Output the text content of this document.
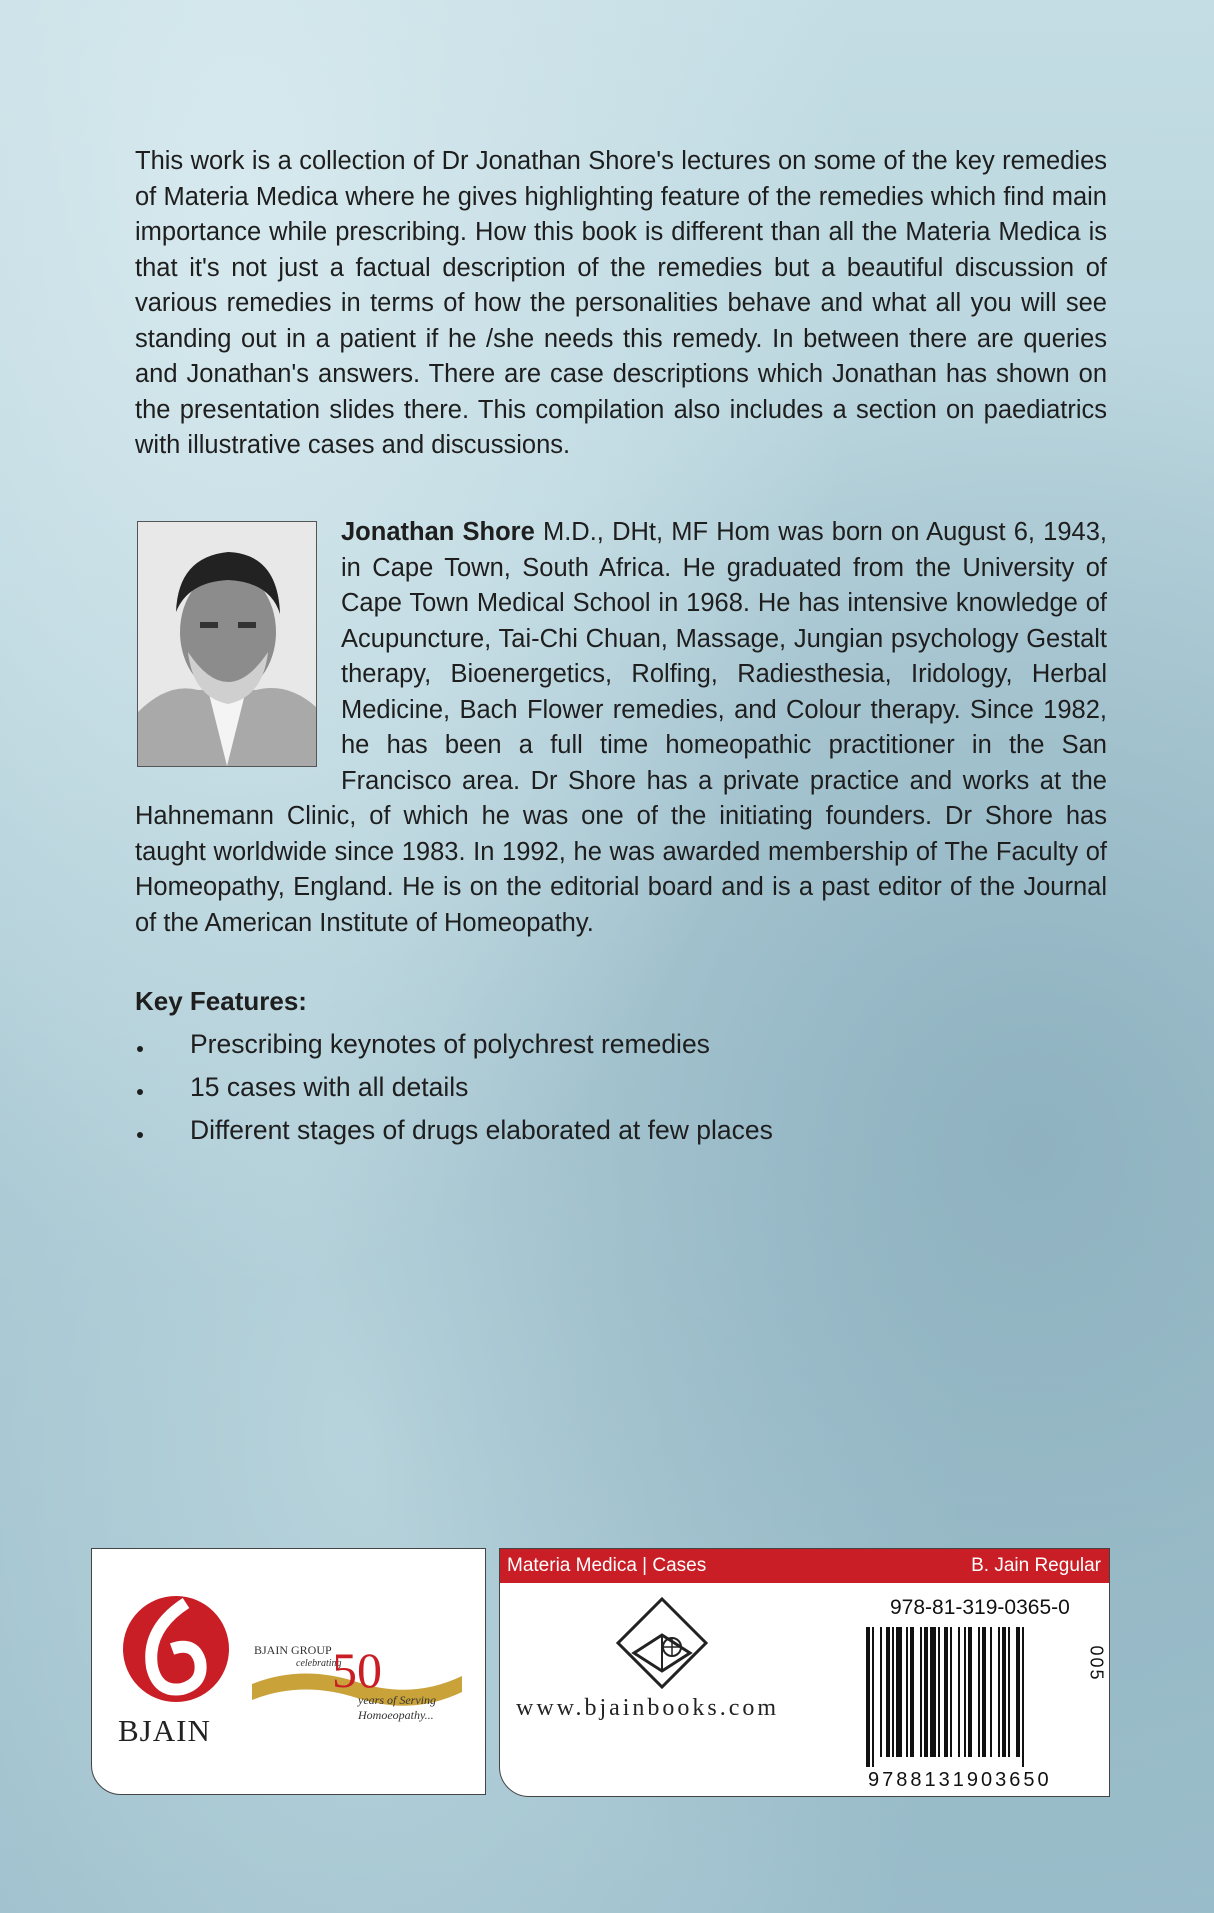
This work is a collection of Dr Jonathan Shore's lectures on some of the key remedies of Materia Medica where he gives highlighting feature of the remedies which find main importance while prescribing. How this book is different than all the Materia Medica is that it's not just a factual description of the remedies but a beautiful discussion of various remedies in terms of how the personalities behave and what all you will see standing out in a patient if he /she needs this remedy. In between there are queries and Jonathan's answers. There are case descriptions which Jonathan has shown on the presentation slides there. This compilation also includes a section on paediatrics with illustrative cases and discussions.

Jonathan Shore M.D., DHt, MF Hom was born on August 6, 1943, in Cape Town, South Africa. He graduated from the University of Cape Town Medical School in 1968. He has intensive knowledge of Acupuncture, Tai-Chi Chuan, Massage, Jungian psychology Gestalt therapy, Bioenergetics, Rolfing, Radiesthesia, Iridology, Herbal Medicine, Bach Flower remedies, and Colour therapy. Since 1982, he has been a full time homeopathic practitioner in the San Francisco area. Dr Shore has a private practice and works at the Hahnemann Clinic, of which he was one of the initiating founders. Dr Shore has taught worldwide since 1983. In 1992, he was awarded membership of The Faculty of Homeopathy, England. He is on the editorial board and is a past editor of the Journal of the American Institute of Homeopathy.
Key Features:
Prescribing keynotes of polychrest remedies
15 cases with all details
Different stages of drugs elaborated at few places
BJAIN
BJAIN GROUP
celebrating
50
years of Serving
Homoeopathy...
Materia Medica | Cases	B. Jain Regular
www.bjainbooks.com
978-81-319-0365-0
9788131903650
005
